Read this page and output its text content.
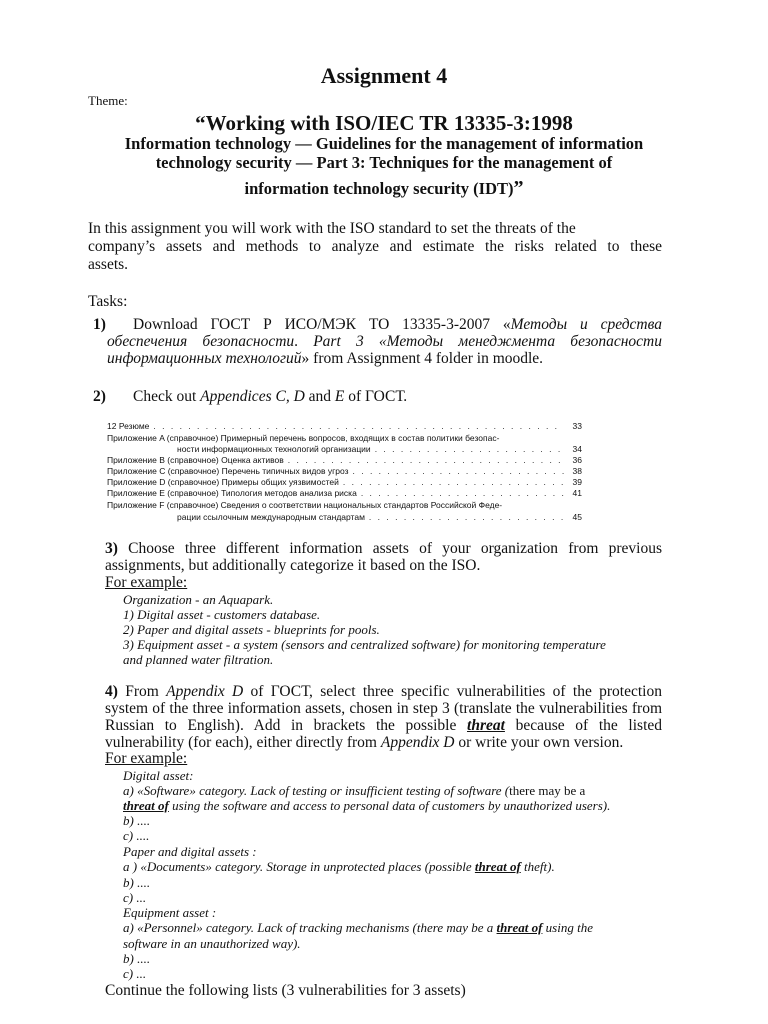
Assignment 4
Theme:
“Working with ISO/IEC TR 13335-3:1998
Information technology — Guidelines for the management of information
technology security — Part 3: Techniques for the management of
information technology security (IDT)”
In this assignment you will work with the ISO standard to set the threats of the
company’s assets and methods to analyze and estimate the risks related to these
assets.
Tasks:
1) Download ГОСТ Р ИСО/МЭК ТО 13335-3-2007 «Методы и средства
обеспечения безопасности. Part 3 «Методы менеджмента безопасности
информационных технологий» from Assignment 4 folder in moodle.
2) Check out Appendices C, D and E of ГОСТ.
12 Резюме . . .	33
Приложение A (справочное) Примерный перечень вопросов, входящих в состав политики безопас-
ности информационных технологий организации . . .	34
Приложение B (справочное) Оценка активов . . .	36
Приложение C (справочное) Перечень типичных видов угроз . . .	38
Приложение D (справочное) Примеры общих уязвимостей . . .	39
Приложение E (справочное) Типология методов анализа риска . . .	41
Приложение F (справочное) Сведения о соответствии национальных стандартов Российской Феде-
рации ссылочным международным стандартам . . .	45
3) Choose three different information assets of your organization from previous
assignments, but additionally categorize it based on the ISO.
For example:
Organization - an Aquapark.
1) Digital asset - customers database.
2) Paper and digital assets - blueprints for pools.
3) Equipment asset - a system (sensors and centralized software) for monitoring temperature
and planned water filtration.
4) From Appendix D of ГОСТ, select three specific vulnerabilities of the protection
system of the three information assets, chosen in step 3 (translate the vulnerabilities from
Russian to English). Add in brackets the possible threat because of the listed
vulnerability (for each), either directly from Appendix D or write your own version.
For example:
Digital asset:
a) «Software» category. Lack of testing or insufficient testing of software (there may be a
threat of using the software and access to personal data of customers by unauthorized users).
b) ....
c) ....
Paper and digital assets :
a ) «Documents» category. Storage in unprotected places (possible threat of theft).
b) ....
c) ...
Equipment asset :
a) «Personnel» category. Lack of tracking mechanisms (there may be a threat of using the
software in an unauthorized way).
b) ....
c) ...
Continue the following lists (3 vulnerabilities for 3 assets)
